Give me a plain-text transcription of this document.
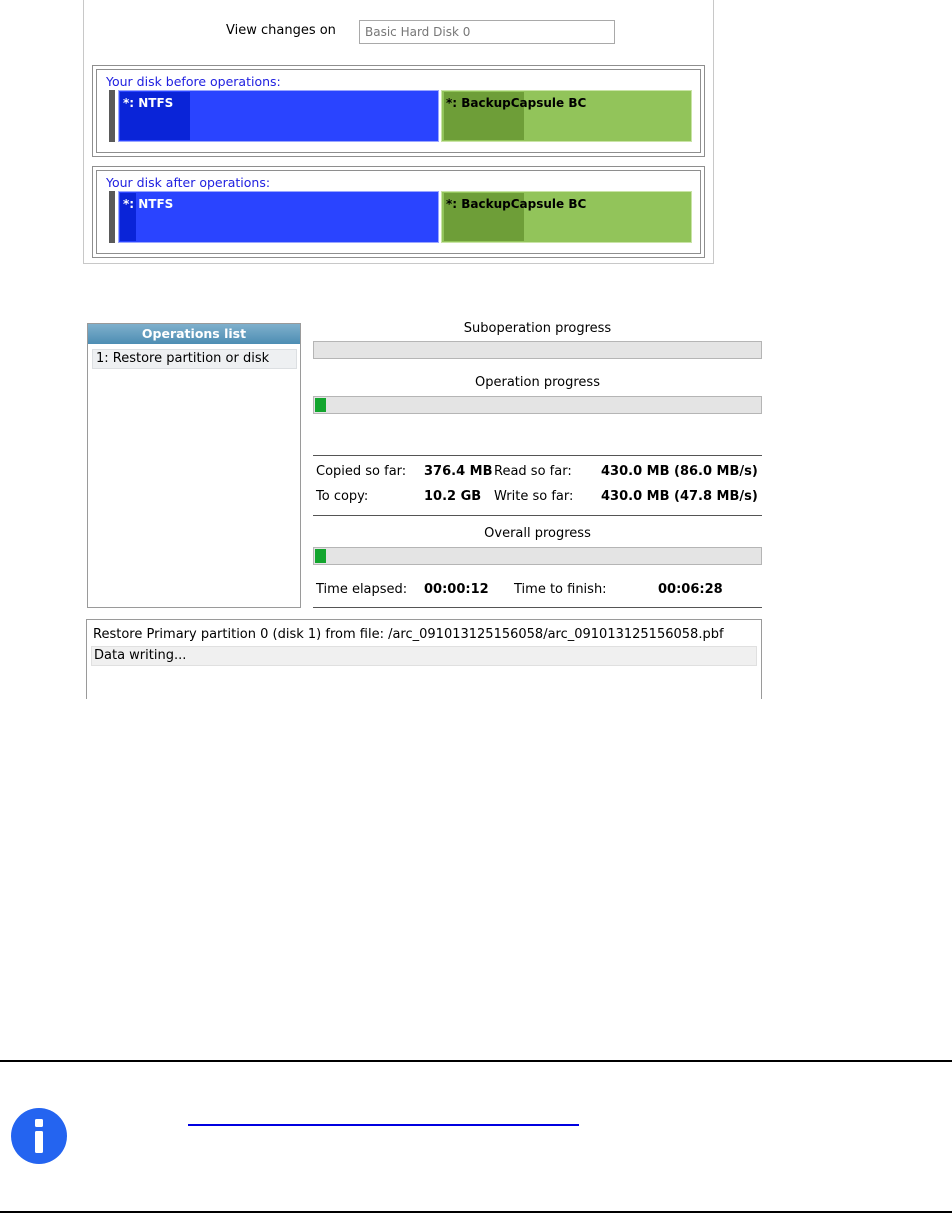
View changes on	Basic Hard Disk 0
Your disk before operations:
*: NTFS	*: BackupCapsule BC
Your disk after operations:
*: NTFS	*: BackupCapsule BC
Operations list
1: Restore partition or disk
Suboperation progress
Operation progress
Copied so far: 376.4 MB Read so far: 430.0 MB (86.0 MB/s)
To copy:	10.2 GB Write so far: 430.0 MB (47.8 MB/s)
Overall progress
Time elapsed: 00:00:12 Time to finish:	00:06:28
Restore Primary partition 0 (disk 1) from file: /arc_091013125156058/arc_091013125156058.pbf
Data writing...
